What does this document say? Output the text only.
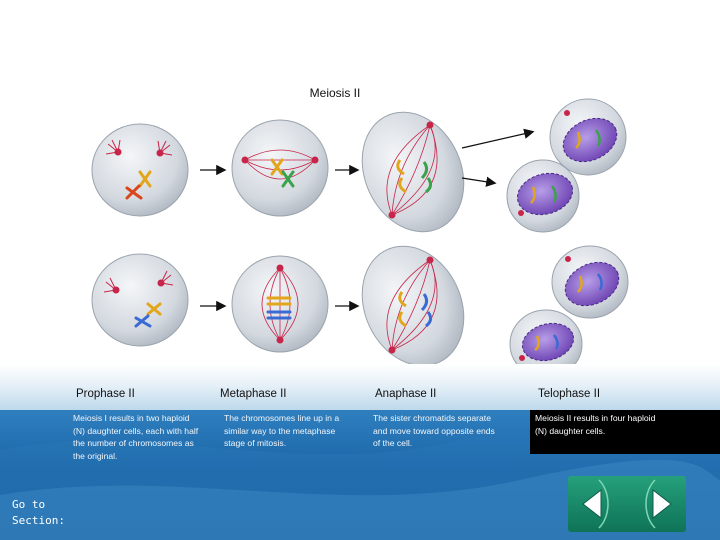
Meiosis II
Prophase II	Metaphase II	Anaphase II	Telophase II
Meiosis I results in two haploid
(N) daughter cells, each with half
the number of chromosomes as
the original.
The chromosomes line up in a
similar way to the metaphase
stage of mitosis.
The sister chromatids separate
and move toward opposite ends
of the cell.
Meiosis II results in four haploid
(N) daughter cells.
Go to
Section:
